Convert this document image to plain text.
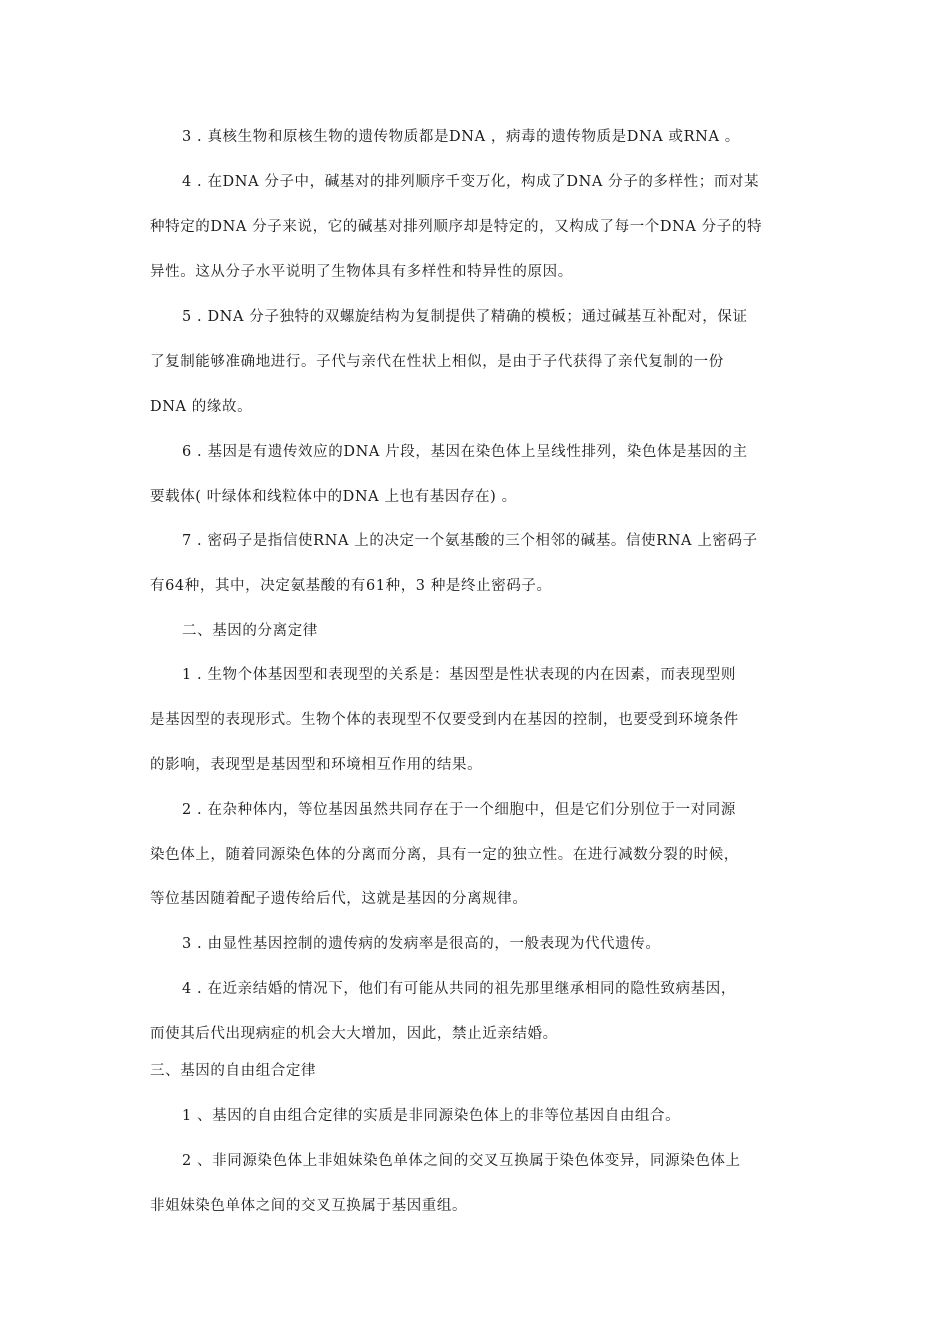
3 . 真核生物和原核生物的遗传物质都是DNA ，病毒的遗传物质是DNA 或RNA 。
4 . 在DNA 分子中，碱基对的排列顺序千变万化，构成了DNA 分子的多样性；而对某
种特定的DNA 分子来说，它的碱基对排列顺序却是特定的，又构成了每一个DNA 分子的特
异性。这从分子水平说明了生物体具有多样性和特异性的原因。
5 . DNA 分子独特的双螺旋结构为复制提供了精确的模板；通过碱基互补配对，保证
了复制能够准确地进行。子代与亲代在性状上相似，是由于子代获得了亲代复制的一份
DNA 的缘故。
6 . 基因是有遗传效应的DNA 片段，基因在染色体上呈线性排列，染色体是基因的主
要载体( 叶绿体和线粒体中的DNA 上也有基因存在) 。
7 . 密码子是指信使RNA 上的决定一个氨基酸的三个相邻的碱基。信使RNA 上密码子
有64种，其中，决定氨基酸的有61种，3 种是终止密码子。
二、基因的分离定律
1 . 生物个体基因型和表现型的关系是：基因型是性状表现的内在因素，而表现型则
是基因型的表现形式。生物个体的表现型不仅要受到内在基因的控制，也要受到环境条件
的影响，表现型是基因型和环境相互作用的结果。
2 . 在杂种体内，等位基因虽然共同存在于一个细胞中，但是它们分别位于一对同源
染色体上，随着同源染色体的分离而分离，具有一定的独立性。在进行减数分裂的时候，
等位基因随着配子遗传给后代，这就是基因的分离规律。
3 . 由显性基因控制的遗传病的发病率是很高的，一般表现为代代遗传。
4 . 在近亲结婚的情况下，他们有可能从共同的祖先那里继承相同的隐性致病基因，
而使其后代出现病症的机会大大增加，因此，禁止近亲结婚。
三、基因的自由组合定律
1 、基因的自由组合定律的实质是非同源染色体上的非等位基因自由组合。
2 、非同源染色体上非姐妹染色单体之间的交叉互换属于染色体变异，同源染色体上
非姐妹染色单体之间的交叉互换属于基因重组。
